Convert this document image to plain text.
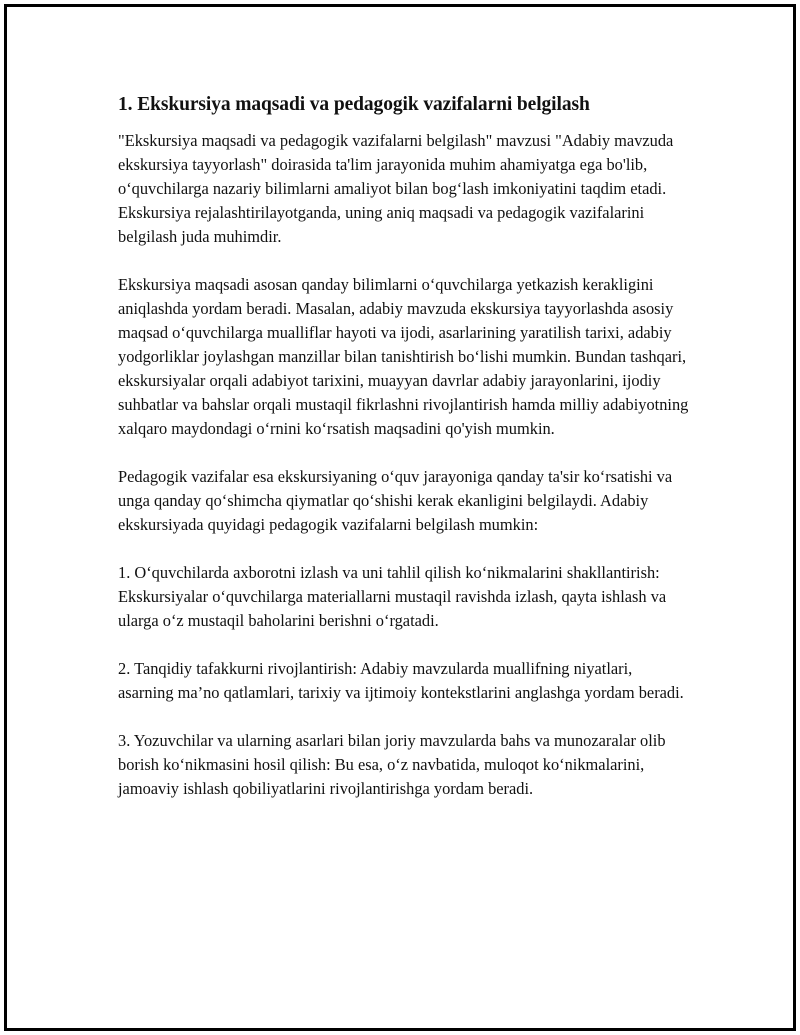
1. Ekskursiya maqsadi va pedagogik vazifalarni belgilash

"Ekskursiya maqsadi va pedagogik vazifalarni belgilash" mavzusi "Adabiy mavzuda ekskursiya tayyorlash" doirasida ta'lim jarayonida muhim ahamiyatga ega bo'lib, o‘quvchilarga nazariy bilimlarni amaliyot bilan bog‘lash imkoniyatini taqdim etadi. Ekskursiya rejalashtirilayotganda, uning aniq maqsadi va pedagogik vazifalarini belgilash juda muhimdir.

Ekskursiya maqsadi asosan qanday bilimlarni o‘quvchilarga yetkazish kerakligini aniqlashda yordam beradi. Masalan, adabiy mavzuda ekskursiya tayyorlashda asosiy maqsad o‘quvchilarga mualliflar hayoti va ijodi, asarlarining yaratilish tarixi, adabiy yodgorliklar joylashgan manzillar bilan tanishtirish bo‘lishi mumkin. Bundan tashqari, ekskursiyalar orqali adabiyot tarixini, muayyan davrlar adabiy jarayonlarini, ijodiy suhbatlar va bahslar orqali mustaqil fikrlashni rivojlantirish hamda milliy adabiyotning xalqaro maydondagi o‘rnini ko‘rsatish maqsadini qo'yish mumkin.

Pedagogik vazifalar esa ekskursiyaning o‘quv jarayoniga qanday ta'sir ko‘rsatishi va unga qanday qo‘shimcha qiymatlar qo‘shishi kerak ekanligini belgilaydi. Adabiy ekskursiyada quyidagi pedagogik vazifalarni belgilash mumkin:

1. O‘quvchilarda axborotni izlash va uni tahlil qilish ko‘nikmalarini shakllantirish: Ekskursiyalar o‘quvchilarga materiallarni mustaqil ravishda izlash, qayta ishlash va ularga o‘z mustaqil baholarini berishni o‘rgatadi.

2. Tanqidiy tafakkurni rivojlantirish: Adabiy mavzularda muallifning niyatlari, asarning ma’no qatlamlari, tarixiy va ijtimoiy kontekstlarini anglashga yordam beradi.

3. Yozuvchilar va ularning asarlari bilan joriy mavzularda bahs va munozaralar olib borish ko‘nikmasini hosil qilish: Bu esa, o‘z navbatida, muloqot ko‘nikmalarini, jamoaviy ishlash qobiliyatlarini rivojlantirishga yordam beradi.
